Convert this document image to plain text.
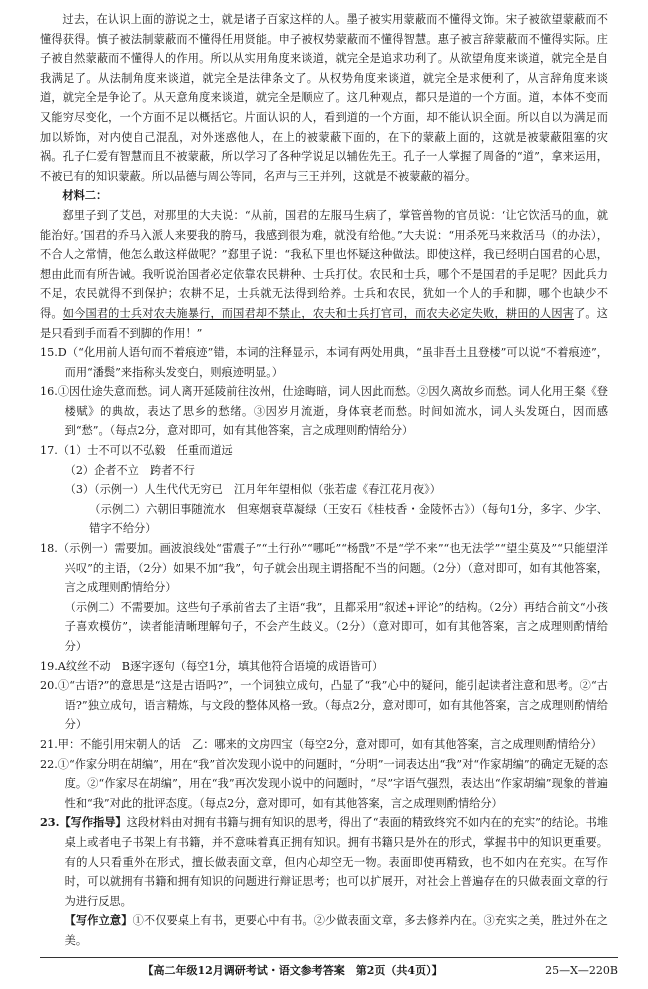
过去，在认识上面的游说之士，就是诸子百家这样的人。墨子被实用蒙蔽而不懂得文饰。宋子被欲望蒙蔽而不懂得获得。慎子被法制蒙蔽而不懂得任用贤能。申子被权势蒙蔽而不懂得智慧。惠子被言辞蒙蔽而不懂得实际。庄子被自然蒙蔽而不懂得人的作用。所以从实用角度来谈道，就完全是追求功利了。从欲望角度来谈道，就完全是自我满足了。从法制角度来谈道，就完全是法律条文了。从权势角度来谈道，就完全是求便利了，从言辞角度来谈道，就完全是争论了。从天意角度来谈道，就完全是顺应了。这几种观点，都只是道的一个方面。道，本体不变而又能穷尽变化，一个方面不足以概括它。片面认识的人，看到道的一个方面，却不能认识全面。所以自以为满足而加以矫饰，对内使自己混乱，对外迷惑他人，在上的被蒙蔽下面的，在下的蒙蔽上面的，这就是被蒙蔽阻塞的灾祸。孔子仁爱有智慧而且不被蒙蔽，所以学习了各种学说足以辅佐先王。孔子一人掌握了周备的“道”，拿来运用，不被已有的知识蒙蔽。所以品德与周公等同，名声与三王并列，这就是不被蒙蔽的福分。

材料二：

郄里子到了艾邑，对那里的大夫说：“从前，国君的左服马生病了，掌管兽物的官员说：‘让它饮活马的血，就能治好。’国君的乔马入派人来要我的胯马，我感到很为难，就没有给他。”大夫说：“用杀死马来救活马（的办法），不合人之常情，他怎么敢这样做呢？”郄里子说：“我私下里也怀疑这种做法。即使这样，我已经明白国君的心思，想由此而有所告诫。我听说治国者必定依靠农民耕种、士兵打仗。农民和士兵，哪个不是国君的手足呢？因此兵力不足，农民就得不到保护；农耕不足，士兵就无法得到给养。士兵和农民，犹如一个人的手和脚，哪个也缺少不得。如今国君的士兵对农夫施暴行，而国君却不禁止，农夫和士兵打官司，而农夫必定失败，耕田的人因害了。这是只看到手而看不到脚的作用！”

15.D（“化用前人语句而不着痕迹”错，本词的注释显示，本词有两处用典，“虽非吾土且登楼”可以说“不着痕迹”，而用“潘鬓”来指称头发变白，则痕迹明显。）

16.①因仕途失意而愁。词人离开延陵前往汝州，仕途晦暗，词人因此而愁。②因久离故乡而愁。词人化用王粲《登楼赋》的典故，表达了思乡的愁绪。③因岁月流逝，身体衰老而愁。时间如流水，词人头发斑白，因而感到“愁”。（每点2分，意对即可，如有其他答案，言之成理则酌情给分）

17.（1）士不可以不弘毅　任重而道远

（2）企者不立　跨者不行

（3）（示例一）人生代代无穷已　江月年年望相似（张若虚《春江花月夜》）

（示例二）六朝旧事随流水　但寒烟衰草凝绿（王安石《桂枝香・金陵怀古》）（每句1分，多字、少字、错字不给分）

18.（示例一）需要加。画波浪线处“雷震子”“土行孙”“哪吒”“杨戬”不是“学不来”“也无法学”“望尘莫及”“只能望洋兴叹”的主语，（2分）如果不加“我”，句子就会出现主谓搭配不当的问题。（2分）（意对即可，如有其他答案，言之成理则酌情给分）

（示例二）不需要加。这些句子承前省去了主语“我”，且都采用“叙述+评论”的结构。（2分）再结合前文“小孩子喜欢模仿”，读者能清晰理解句子，不会产生歧义。（2分）（意对即可，如有其他答案，言之成理则酌情给分）

19.A纹丝不动　B逐字逐句（每空1分，填其他符合语境的成语皆可）

20.①“古语?”的意思是“这是古语吗?”，一个词独立成句，凸显了“我”心中的疑问，能引起读者注意和思考。②“古语?”独立成句，语言精炼，与文段的整体风格一致。（每点2分，意对即可，如有其他答案，言之成理则酌情给分）

21.甲：不能引用宋朝人的话　乙：哪来的文房四宝（每空2分，意对即可，如有其他答案，言之成理则酌情给分）

22.①“作家分明在胡编”，用在“我”首次发现小说中的问题时，“分明”一词表达出“我”对“作家胡编”的确定无疑的态度。②“作家尽在胡编”，用在“我”再次发现小说中的问题时，“尽”字语气强烈，表达出“作家胡编”现象的普遍性和“我”对此的批评态度。（每点2分，意对即可，如有其他答案，言之成理则酌情给分）

23.【写作指导】这段材料由对拥有书籍与拥有知识的思考，得出了“表面的精致终究不如内在的充实”的结论。书堆桌上或者电子书架上有书籍，并不意味着真正拥有知识。拥有书籍只是外在的形式，掌握书中的知识更重要。有的人只看重外在形式，擅长做表面文章，但内心却空无一物。表面即使再精致，也不如内在充实。在写作时，可以就拥有书籍和拥有知识的问题进行辩证思考；也可以扩展开，对社会上普遍存在的只做表面文章的行为进行反思。

【写作立意】①不仅要桌上有书，更要心中有书。②少做表面文章，多去修养内在。③充实之美，胜过外在之美。

【高二年级12月调研考试・语文参考答案　第2页（共4页）】	25—X—220B
